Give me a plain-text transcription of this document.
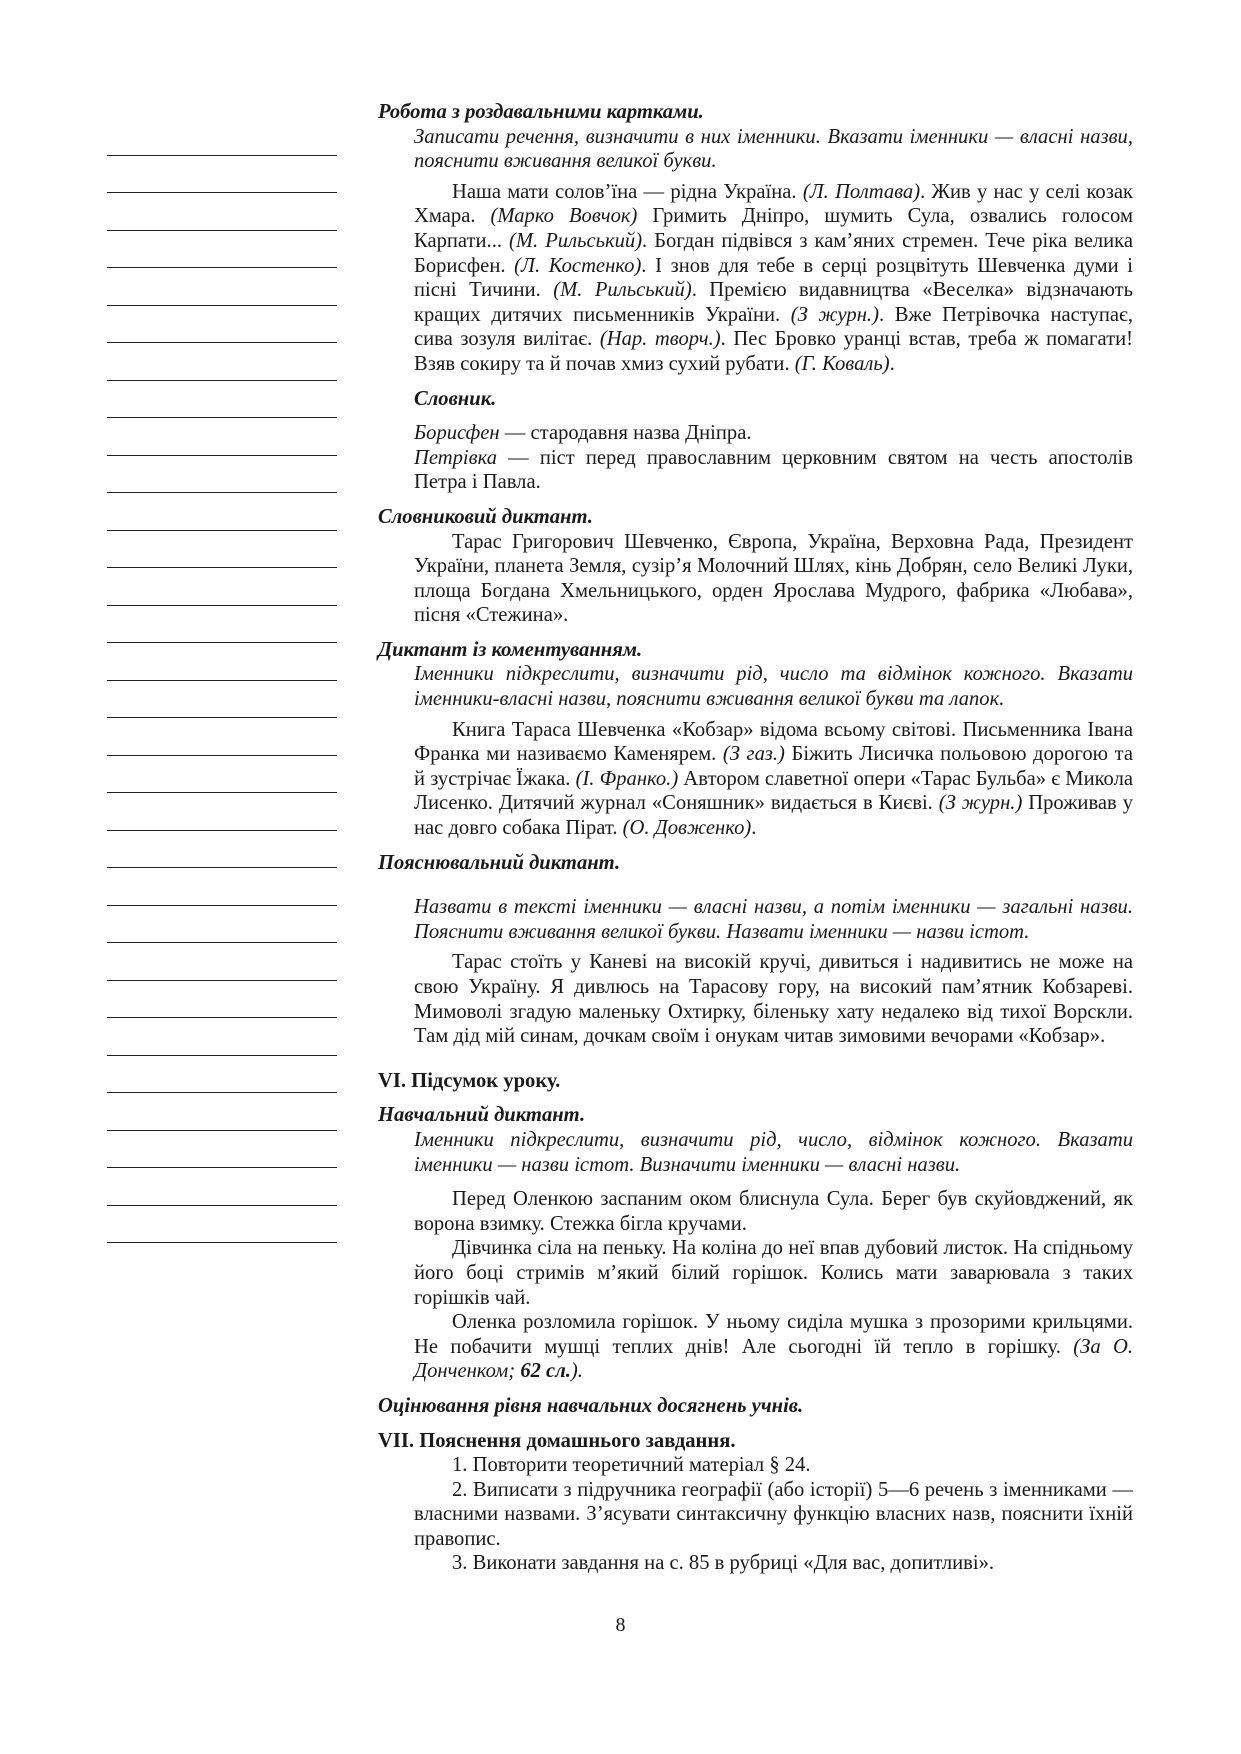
Робота з роздавальними картками.

Записати речення, визначити в них іменники. Вказати іменники — власні назви, пояснити вживання великої букви.

Наша мати солов’їна — рідна Україна. (Л. Полтава). Жив у нас у селі козак Хмара. (Марко Вовчок) Гримить Дніпро, шумить Сула, озвались голосом Карпати... (М. Рильський). Богдан підвівся з кам’яних стремен. Тече ріка велика Борисфен. (Л. Костенко). І знов для тебе в серці розцвітуть Шевченка думи і пісні Тичини. (М. Рильський). Премією видавництва «Веселка» відзначають кращих дитячих письменників України. (З журн.). Вже Петрівочка наступає, сива зозуля вилітає. (Нар. творч.). Пес Бровко уранці встав, треба ж помагати! Взяв сокиру та й почав хмиз сухий рубати. (Г. Коваль).

Словник.

Борисфен — стародавня назва Дніпра.

Петрівка — піст перед православним церковним святом на честь апостолів Петра і Павла.

Словниковий диктант.

Тарас Григорович Шевченко, Європа, Україна, Верховна Рада, Президент України, планета Земля, сузір’я Молочний Шлях, кінь Добрян, село Великі Луки, площа Богдана Хмельницького, орден Ярослава Мудрого, фабрика «Любава», пісня «Стежина».

Диктант із коментуванням.

Іменники підкреслити, визначити рід, число та відмінок кожного. Вказати іменники-власні назви, пояснити вживання великої букви та лапок.

Книга Тараса Шевченка «Кобзар» відома всьому світові. Письменника Івана Франка ми називаємо Каменярем. (З газ.) Біжить Лисичка польовою дорогою та й зустрічає Їжака. (І. Франко.) Автором славетної опери «Тарас Бульба» є Микола Лисенко. Дитячий журнал «Соняшник» видається в Києві. (З журн.) Проживав у нас довго собака Пірат. (О. Довженко).

Пояснювальний диктант.

Назвати в тексті іменники — власні назви, а потім іменники — загальні назви. Пояснити вживання великої букви. Назвати іменники — назви істот.

Тарас стоїть у Каневі на високій кручі, дивиться і надивитись не може на свою Україну. Я дивлюсь на Тарасову гору, на високий пам’ятник Кобзареві. Мимоволі згадую маленьку Охтирку, біленьку хату недалеко від тихої Ворскли. Там дід мій синам, дочкам своїм і онукам читав зимовими вечорами «Кобзар».

VI. Підсумок уроку.

Навчальний диктант.

Іменники підкреслити, визначити рід, число, відмінок кожного. Вказати іменники — назви істот. Визначити іменники — власні назви.

Перед Оленкою заспаним оком блиснула Сула. Берег був скуйовджений, як ворона взимку. Стежка бігла кручами.

Дівчинка сіла на пеньку. На коліна до неї впав дубовий листок. На спідньому його боці стримів м’який білий горішок. Колись мати заварювала з таких горішків чай.

Оленка розломила горішок. У ньому сиділа мушка з прозорими крильцями. Не побачити мушці теплих днів! Але сьогодні їй тепло в горішку. (За О. Донченком; 62 сл.).

Оцінювання рівня навчальних досягнень учнів.

VII. Пояснення домашнього завдання.

1. Повторити теоретичний матеріал § 24.

2. Виписати з підручника географії (або історії) 5—6 речень з іменниками — власними назвами. З’ясувати синтаксичну функцію власних назв, пояснити їхній правопис.

3. Виконати завдання на с. 85 в рубриці «Для вас, допитливі».

8
